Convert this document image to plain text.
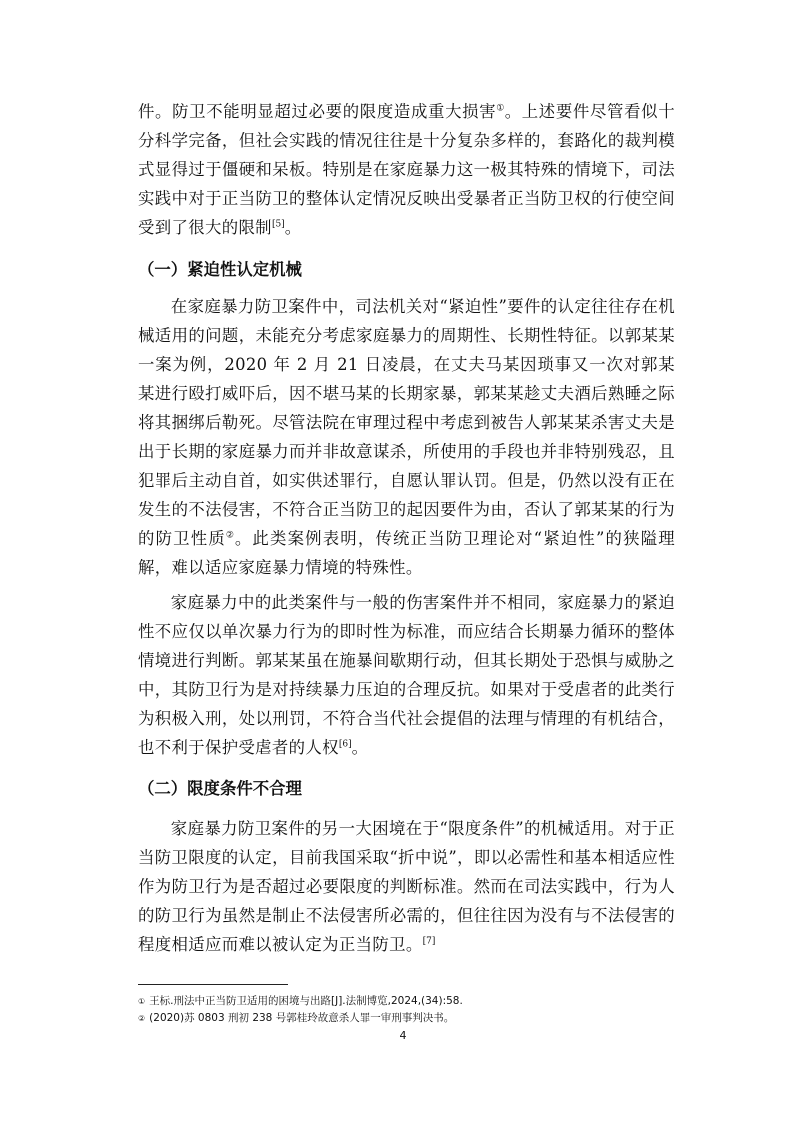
件。防卫不能明显超过必要的限度造成重大损害①。上述要件尽管看似十分科学完备，但社会实践的情况往往是十分复杂多样的，套路化的裁判模式显得过于僵硬和呆板。特别是在家庭暴力这一极其特殊的情境下，司法实践中对于正当防卫的整体认定情况反映出受暴者正当防卫权的行使空间受到了很大的限制[5]。

（一）紧迫性认定机械

在家庭暴力防卫案件中，司法机关对“紧迫性”要件的认定往往存在机械适用的问题，未能充分考虑家庭暴力的周期性、长期性特征。以郭某某一案为例，2020 年 2 月 21 日凌晨，在丈夫马某因琐事又一次对郭某某进行殴打威吓后，因不堪马某的长期家暴，郭某某趁丈夫酒后熟睡之际将其捆绑后勒死。尽管法院在审理过程中考虑到被告人郭某某杀害丈夫是出于长期的家庭暴力而并非故意谋杀，所使用的手段也并非特别残忍，且犯罪后主动自首，如实供述罪行，自愿认罪认罚。但是，仍然以没有正在发生的不法侵害，不符合正当防卫的起因要件为由，否认了郭某某的行为的防卫性质②。此类案例表明，传统正当防卫理论对“紧迫性”的狭隘理解，难以适应家庭暴力情境的特殊性。

家庭暴力中的此类案件与一般的伤害案件并不相同，家庭暴力的紧迫性不应仅以单次暴力行为的即时性为标准，而应结合长期暴力循环的整体情境进行判断。郭某某虽在施暴间歇期行动，但其长期处于恐惧与威胁之中，其防卫行为是对持续暴力压迫的合理反抗。如果对于受虐者的此类行为积极入刑，处以刑罚，不符合当代社会提倡的法理与情理的有机结合，也不利于保护受虐者的人权[6]。

（二）限度条件不合理

家庭暴力防卫案件的另一大困境在于“限度条件”的机械适用。对于正当防卫限度的认定，目前我国采取“折中说”，即以必需性和基本相适应性作为防卫行为是否超过必要限度的判断标准。然而在司法实践中，行为人的防卫行为虽然是制止不法侵害所必需的，但往往因为没有与不法侵害的程度相适应而难以被认定为正当防卫。[7]

① 王标.刑法中正当防卫适用的困境与出路[J].法制博览,2024,(34):58.
② (2020)苏 0803 刑初 238 号郭桂玲故意杀人罪一审刑事判决书。
4
